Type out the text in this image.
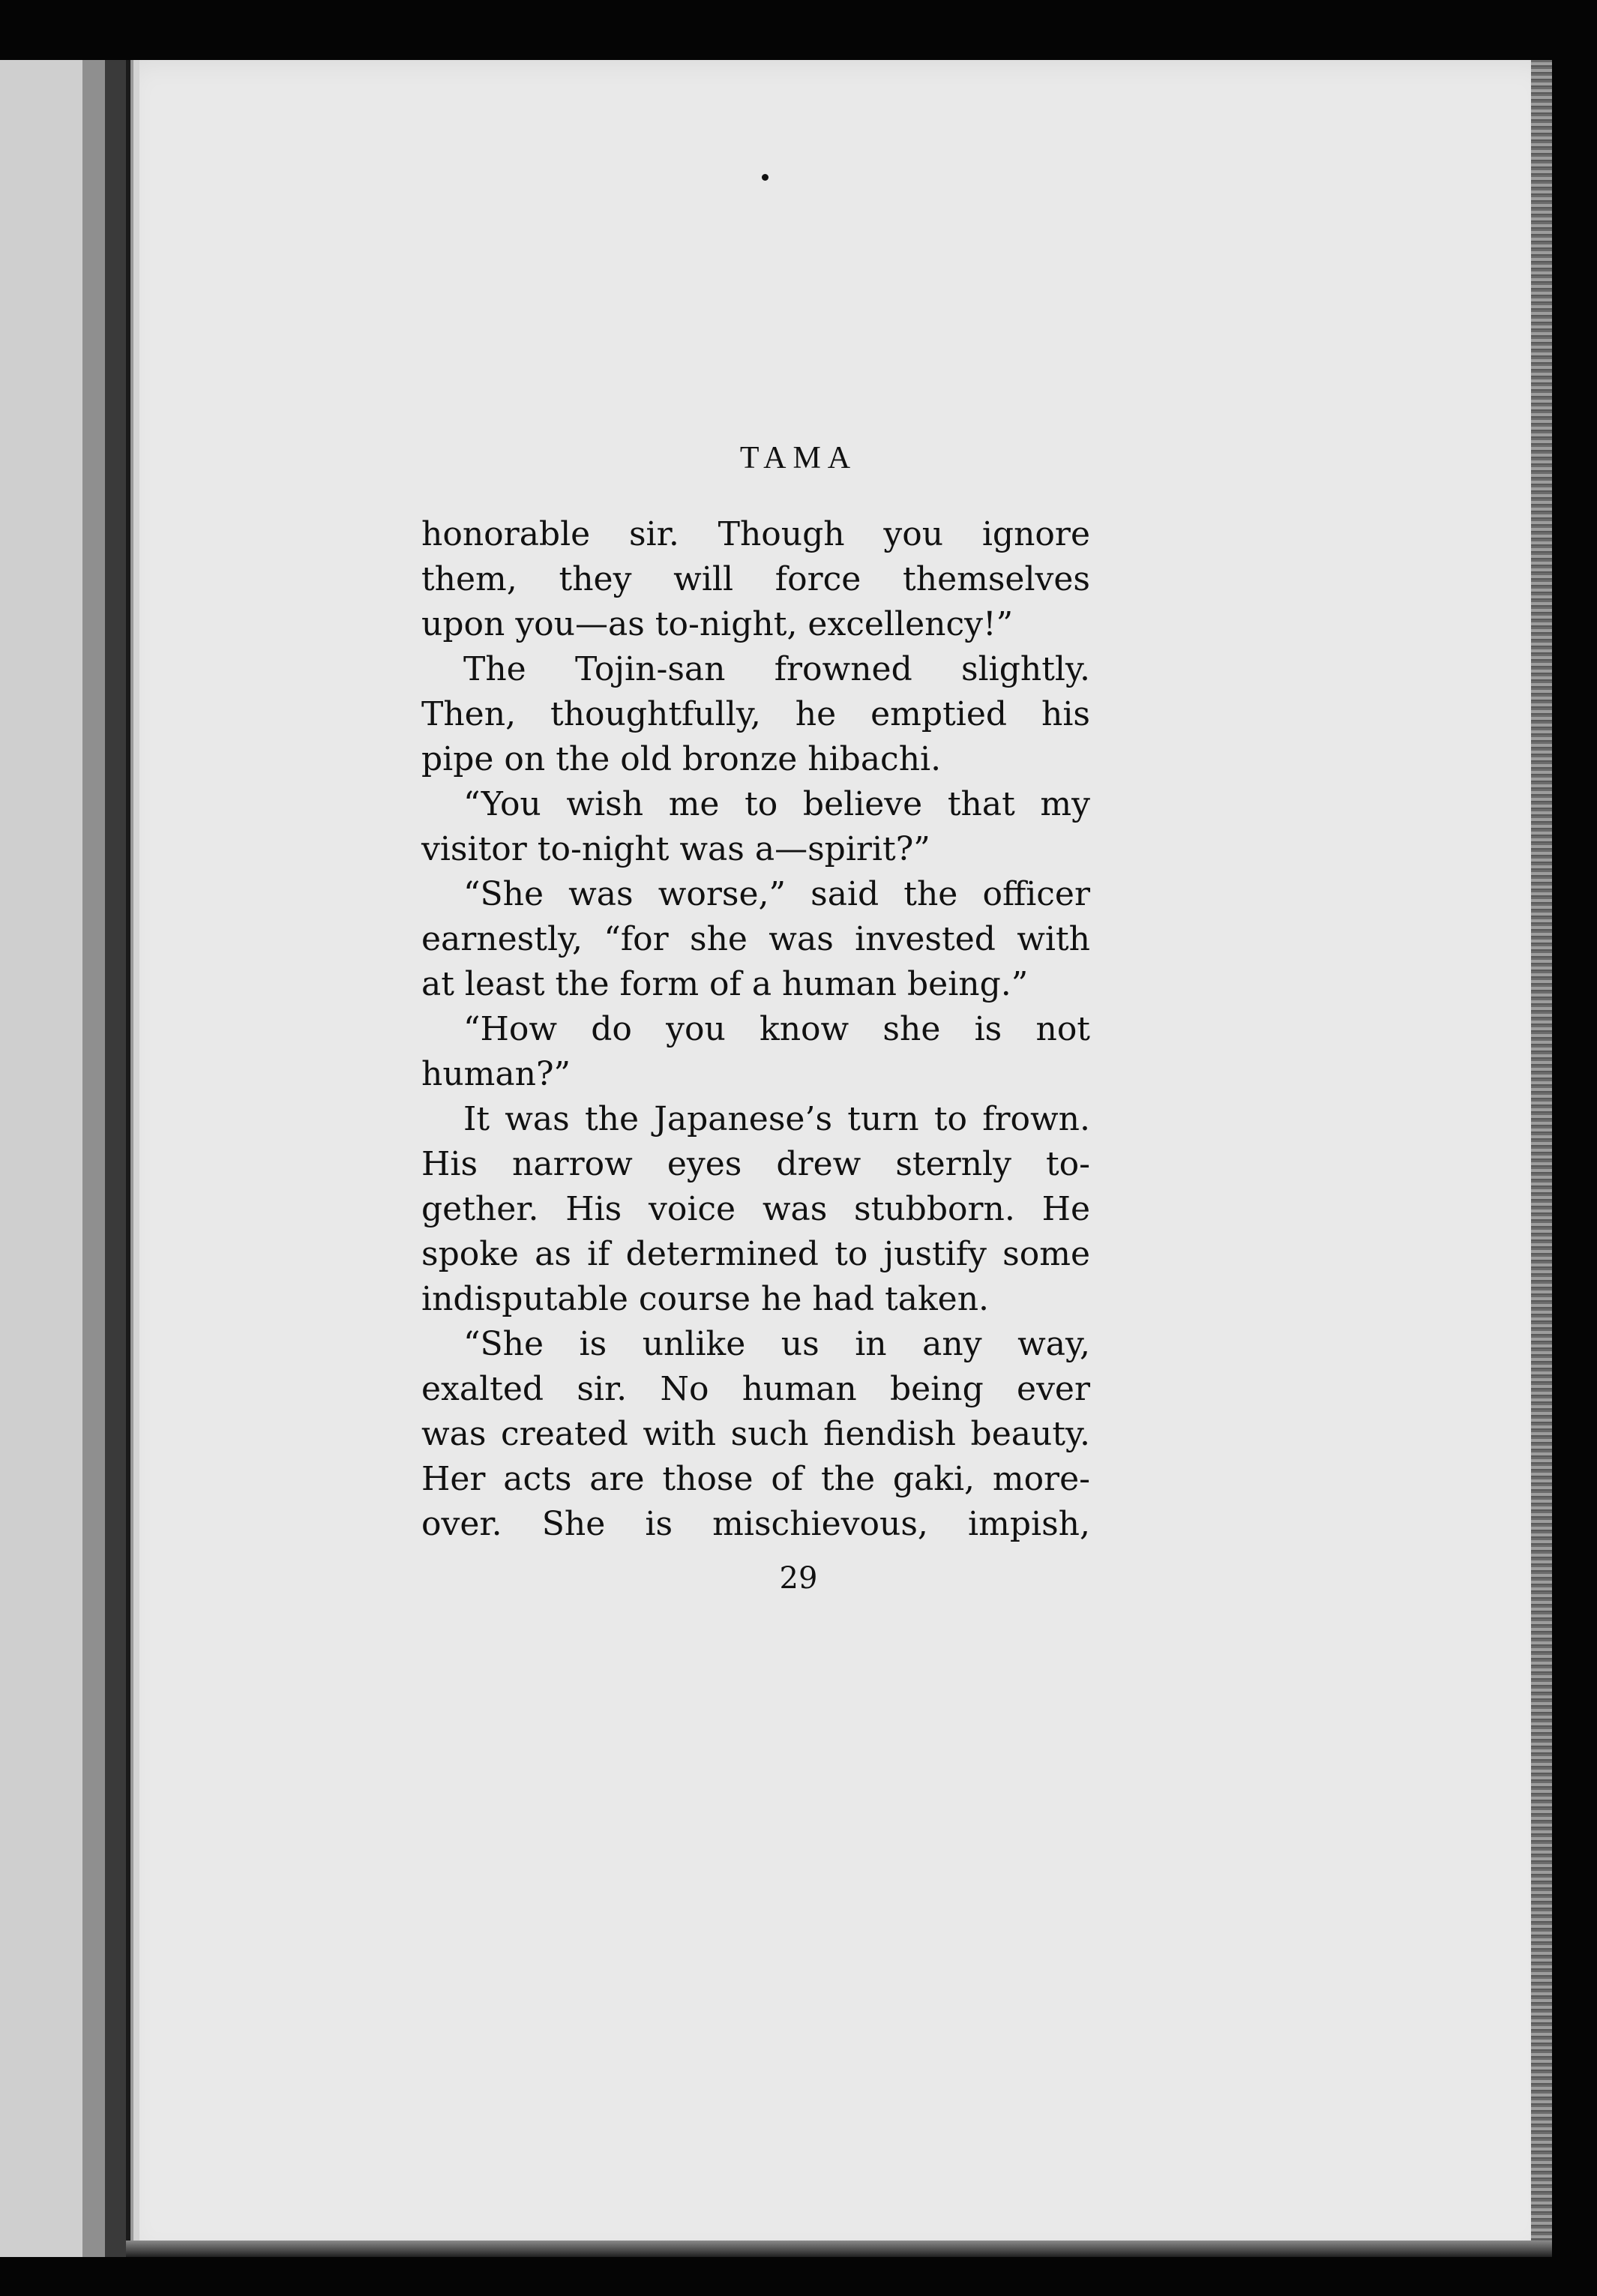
TAMA
honorable sir. Though you ignore
them, they will force themselves
upon you—as to-night, excellency!”
The Tojin-san frowned slightly.
Then, thoughtfully, he emptied his
pipe on the old bronze hibachi.
“You wish me to believe that my
visitor to-night was a—spirit?”
“She was worse,” said the officer
earnestly, “for she was invested with
at least the form of a human being.”
“How do you know she is not
human?”
It was the Japanese’s turn to frown.
His narrow eyes drew sternly to-
gether. His voice was stubborn. He
spoke as if determined to justify some
indisputable course he had taken.
“She is unlike us in any way,
exalted sir. No human being ever
was created with such fiendish beauty.
Her acts are those of the gaki, more-
over. She is mischievous, impish,
29
